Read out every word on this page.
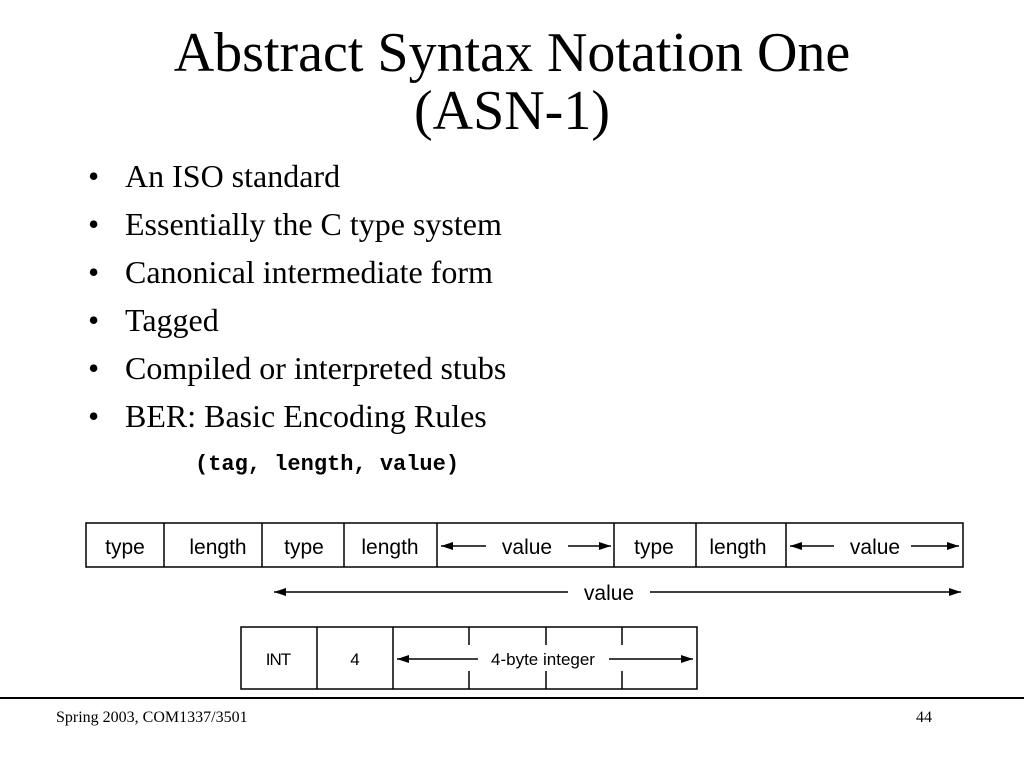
Abstract Syntax Notation One
(ASN-1)
• An ISO standard
• Essentially the C type system
• Canonical intermediate form
• Tagged
• Compiled or interpreted stubs
• BER: Basic Encoding Rules
(tag, length, value)
type length type length	value	type length	value
value
INT	4	4-byte integer
Spring 2003, COM1337/3501	44
